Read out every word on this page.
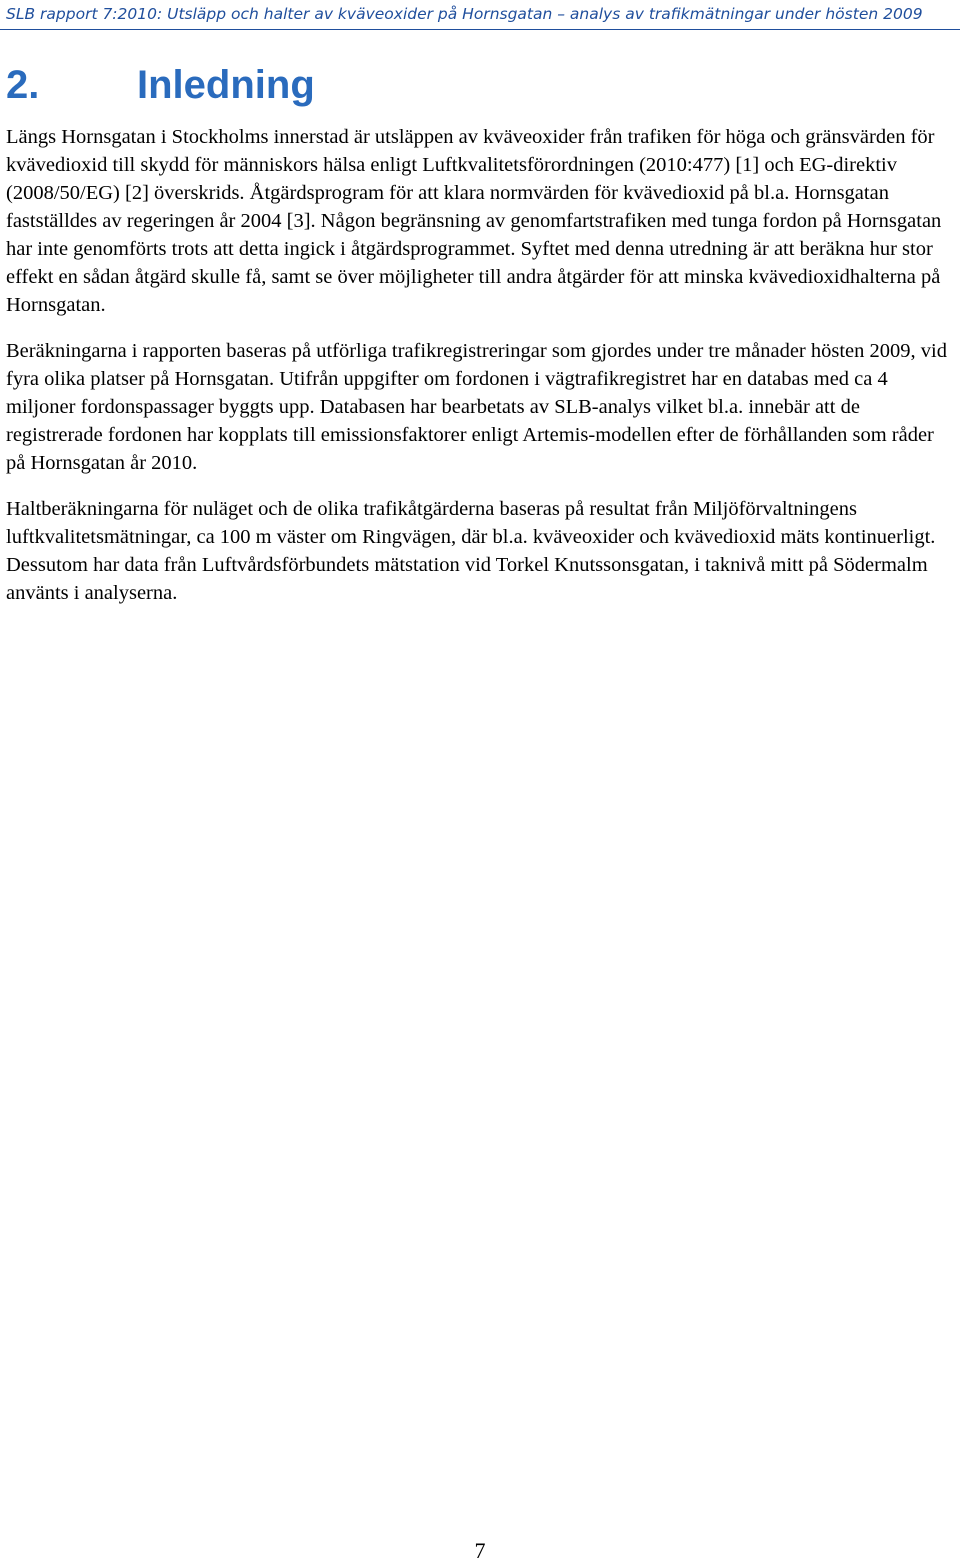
SLB rapport 7:2010: Utsläpp och halter av kväveoxider på Hornsgatan – analys av trafikmätningar under hösten 2009
2. Inledning

Längs Hornsgatan i Stockholms innerstad är utsläppen av kväveoxider från trafiken för höga och gränsvärden för kvävedioxid till skydd för människors hälsa enligt Luftkvalitetsförordningen (2010:477) [1] och EG-direktiv (2008/50/EG) [2] överskrids. Åtgärdsprogram för att klara normvärden för kvävedioxid på bl.a. Hornsgatan fastställdes av regeringen år 2004 [3]. Någon begränsning av genomfartstrafiken med tunga fordon på Hornsgatan har inte genomförts trots att detta ingick i åtgärdsprogrammet. Syftet med denna utredning är att beräkna hur stor effekt en sådan åtgärd skulle få, samt se över möjligheter till andra åtgärder för att minska kvävedioxidhalterna på Hornsgatan.

Beräkningarna i rapporten baseras på utförliga trafikregistreringar som gjordes under tre månader hösten 2009, vid fyra olika platser på Hornsgatan. Utifrån uppgifter om fordonen i vägtrafikregistret har en databas med ca 4 miljoner fordonspassager byggts upp. Databasen har bearbetats av SLB-analys vilket bl.a. innebär att de registrerade fordonen har kopplats till emissionsfaktorer enligt Artemis-modellen efter de förhållanden som råder på Hornsgatan år 2010.

Haltberäkningarna för nuläget och de olika trafikåtgärderna baseras på resultat från Miljöförvaltningens luftkvalitetsmätningar, ca 100 m väster om Ringvägen, där bl.a. kväveoxider och kvävedioxid mäts kontinuerligt. Dessutom har data från Luftvårdsförbundets mätstation vid Torkel Knutssonsgatan, i taknivå mitt på Södermalm använts i analyserna.

7
